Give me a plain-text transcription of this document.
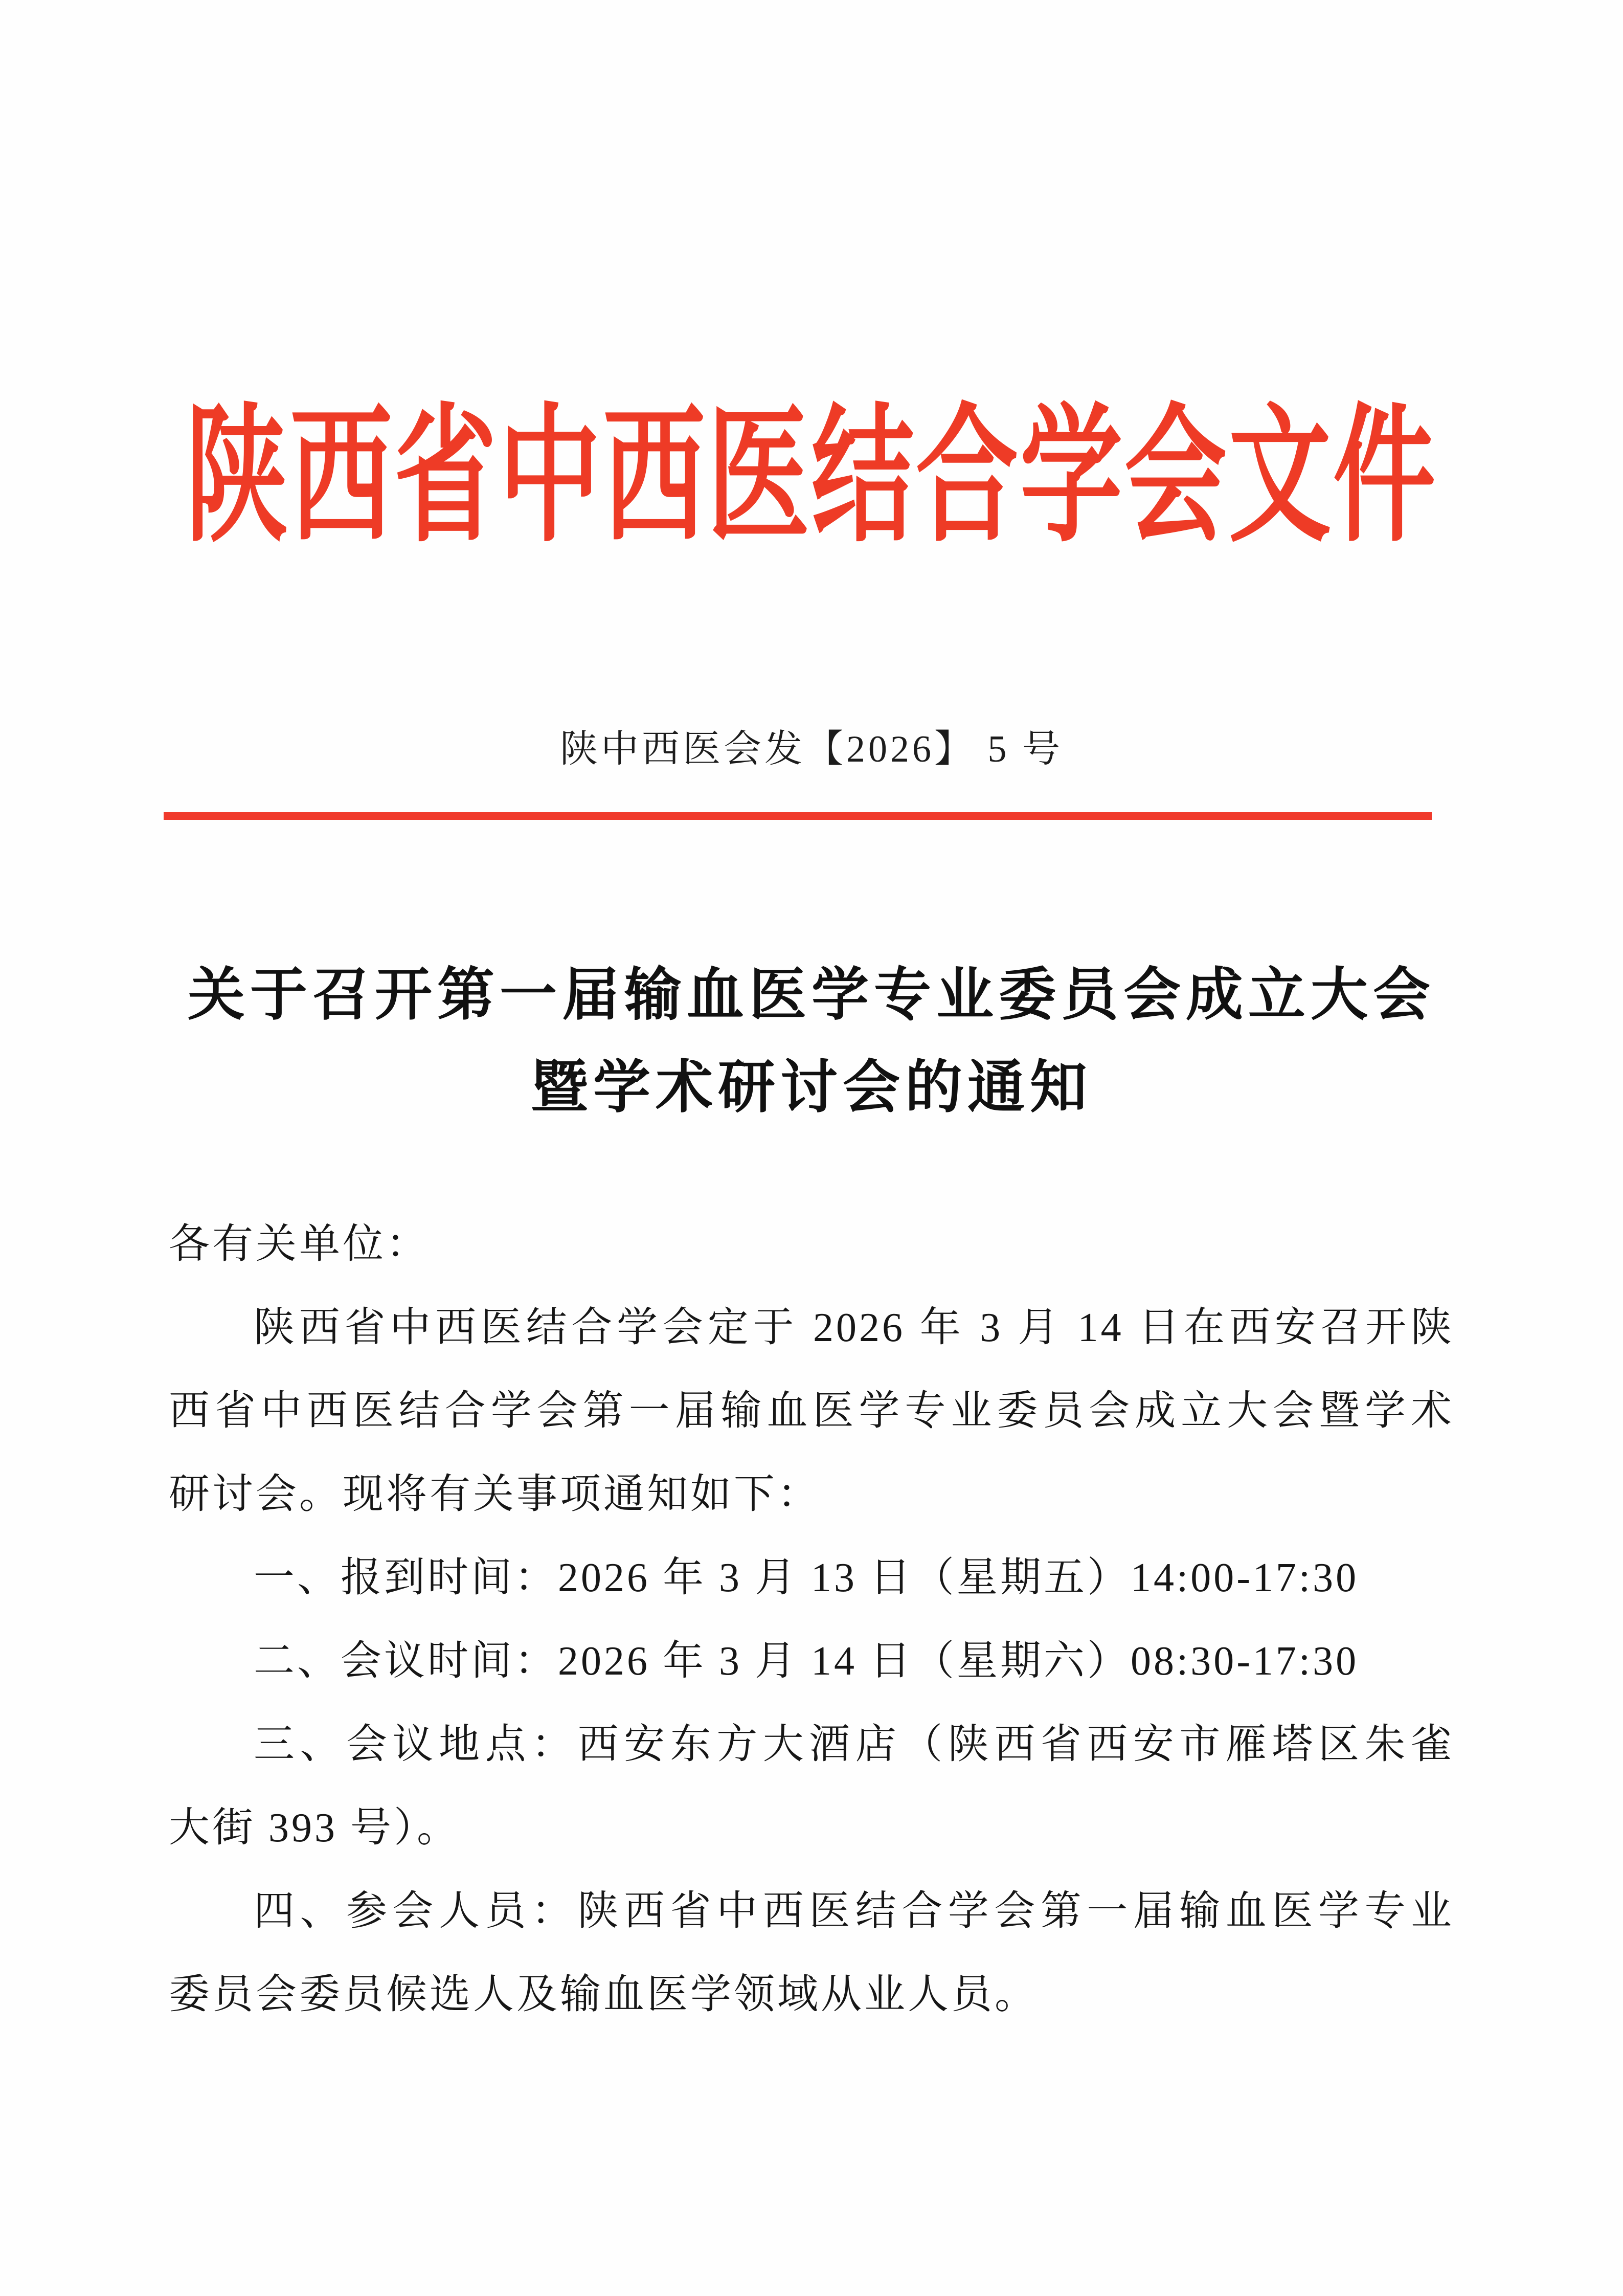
陕西省中西医结合学会文件
陕中西医会发【2026】 5 号
关于召开第一届输血医学专业委员会成立大会
暨学术研讨会的通知
各有关单位：
陕西省中西医结合学会定于 2026 年 3 月 14 日在西安召开陕
西省中西医结合学会第一届输血医学专业委员会成立大会暨学术
研讨会。现将有关事项通知如下：
一、报到时间：2026 年 3 月 13 日（星期五）14:00-17:30
二、会议时间：2026 年 3 月 14 日（星期六）08:30-17:30
三、会议地点：西安东方大酒店（陕西省西安市雁塔区朱雀
大街 393 号）。
四、参会人员：陕西省中西医结合学会第一届输血医学专业
委员会委员候选人及输血医学领域从业人员。
